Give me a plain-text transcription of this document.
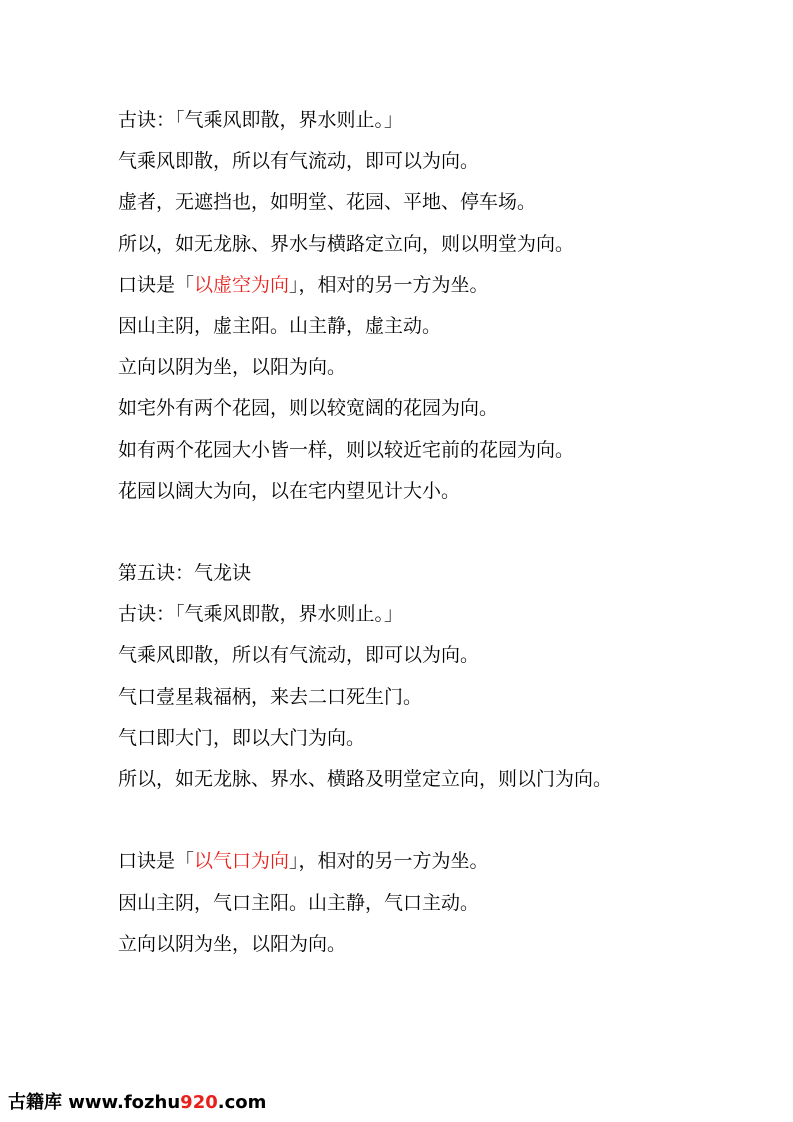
古诀：「气乘风即散，界水则止。」
气乘风即散，所以有气流动，即可以为向。
虚者，无遮挡也，如明堂、花园、平地、停车场。
所以，如无龙脉、界水与横路定立向，则以明堂为向。
口诀是「以虚空为向」，相对的另一方为坐。
因山主阴，虚主阳。山主静，虚主动。
立向以阴为坐，以阳为向。
如宅外有两个花园，则以较宽阔的花园为向。
如有两个花园大小皆一样，则以较近宅前的花园为向。
花园以阔大为向，以在宅内望见计大小。
第五诀：气龙诀
古诀：「气乘风即散，界水则止。」
气乘风即散，所以有气流动，即可以为向。
气口壹星栽福柄，来去二口死生门。
气口即大门，即以大门为向。
所以，如无龙脉、界水、横路及明堂定立向，则以门为向。
口诀是「以气口为向」，相对的另一方为坐。
因山主阴，气口主阳。山主静，气口主动。
立向以阴为坐，以阳为向。
古籍库 www.fozhu920.com
